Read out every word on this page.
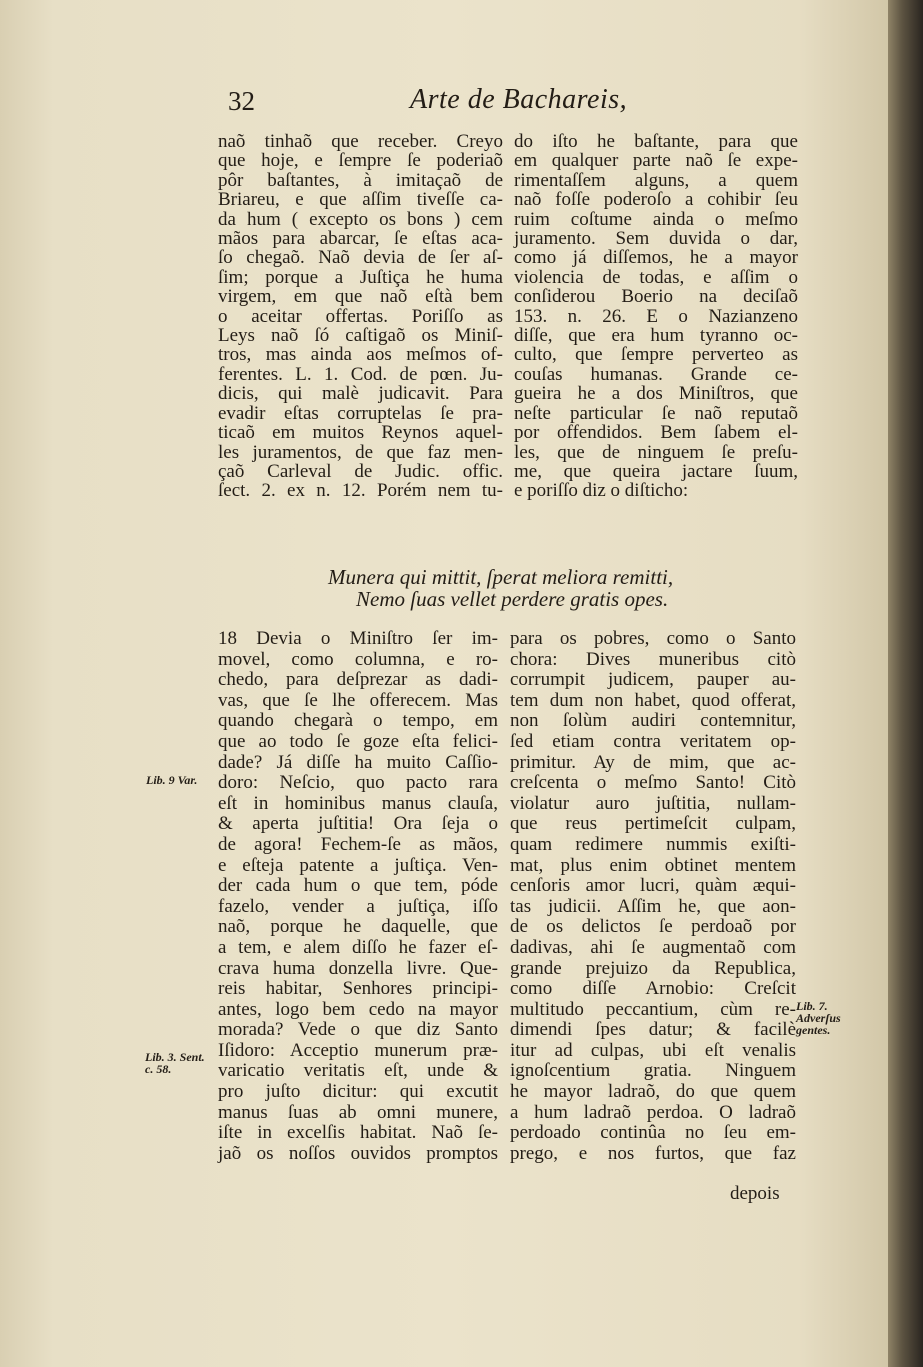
32	Arte de Bachareis,
naõ tinhaõ que receber. Creyo
que hoje, e ſempre ſe poderiaõ
pôr baſtantes, à imitaçaõ de
Briareu, e que aſſim tiveſſe ca-
da hum ( excepto os bons ) cem
mãos para abarcar, ſe eſtas aca-
ſo chegaõ. Naõ devia de ſer aſ-
ſim; porque a Juſtiça he huma
virgem, em que naõ eſtà bem
o aceitar offertas. Poriſſo as
Leys naõ ſó caſtigaõ os Miniſ-
tros, mas ainda aos meſmos of-
ferentes. L. 1. Cod. de pœn. Ju-
dicis, qui malè judicavit. Para
evadir eſtas corruptelas ſe pra-
ticaõ em muitos Reynos aquel-
les juramentos, de que faz men-
çaõ Carleval de Judic. offic.
ſect. 2. ex n. 12. Porém nem tu-
do iſto he baſtante, para que
em qualquer parte naõ ſe expe-
rimentaſſem alguns, a quem
naõ foſſe poderoſo a cohibir ſeu
ruim coſtume ainda o meſmo
juramento. Sem duvida o dar,
como já diſſemos, he a mayor
violencia de todas, e aſſim o
conſiderou Boerio na deciſaõ
153. n. 26. E o Nazianzeno
diſſe, que era hum tyranno oc-
culto, que ſempre perverteo as
couſas humanas. Grande ce-
gueira he a dos Miniſtros, que
neſte particular ſe naõ reputaõ
por offendidos. Bem ſabem el-
les, que de ninguem ſe preſu-
me, que queira jactare ſuum,
e poriſſo diz o diſticho:
Munera qui mittit, ſperat meliora remitti,
Nemo ſuas vellet perdere gratis opes.
18 Devia o Miniſtro ſer im-
movel, como columna, e ro-
chedo, para deſprezar as dadi-
vas, que ſe lhe offerecem. Mas
quando chegarà o tempo, em
que ao todo ſe goze eſta felici-
dade? Já diſſe ha muito Caſſio-
doro: Neſcio, quo pacto rara
eſt in hominibus manus clauſa,
& aperta juſtitia! Ora ſeja o
de agora! Fechem-ſe as mãos,
e eſteja patente a juſtiça. Ven-
der cada hum o que tem, póde
fazelo, vender a juſtiça, iſſo
naõ, porque he daquelle, que
a tem, e alem diſſo he fazer eſ-
crava huma donzella livre. Que-
reis habitar, Senhores principi-
antes, logo bem cedo na mayor
morada? Vede o que diz Santo
Iſidoro: Acceptio munerum præ-
varicatio veritatis eſt, unde &
pro juſto dicitur: qui excutit
manus ſuas ab omni munere,
iſte in excelſis habitat. Naõ ſe-
jaõ os noſſos ouvidos promptos
para os pobres, como o Santo
chora: Dives muneribus citò
corrumpit judicem, pauper au-
tem dum non habet, quod offerat,
non ſolùm audiri contemnitur,
ſed etiam contra veritatem op-
primitur. Ay de mim, que ac-
creſcenta o meſmo Santo! Citò
violatur auro juſtitia, nullam-
que reus pertimeſcit culpam,
quam redimere nummis exiſti-
mat, plus enim obtinet mentem
cenſoris amor lucri, quàm æqui-
tas judicii. Aſſim he, que aon-
de os delictos ſe perdoaõ por
dadivas, ahi ſe augmentaõ com
grande prejuizo da Republica,
como diſſe Arnobio: Creſcit
multitudo peccantium, cùm re-
dimendi ſpes datur; & facilè
itur ad culpas, ubi eſt venalis
ignoſcentium gratia. Ninguem
he mayor ladraõ, do que quem
a hum ladraõ perdoa. O ladraõ
perdoado continûa no ſeu em-
prego, e nos furtos, que faz
Lib. 9 Var.
Lib. 3. Sent. c. 58.
Lib. 7. Adverſus gentes.
depois
